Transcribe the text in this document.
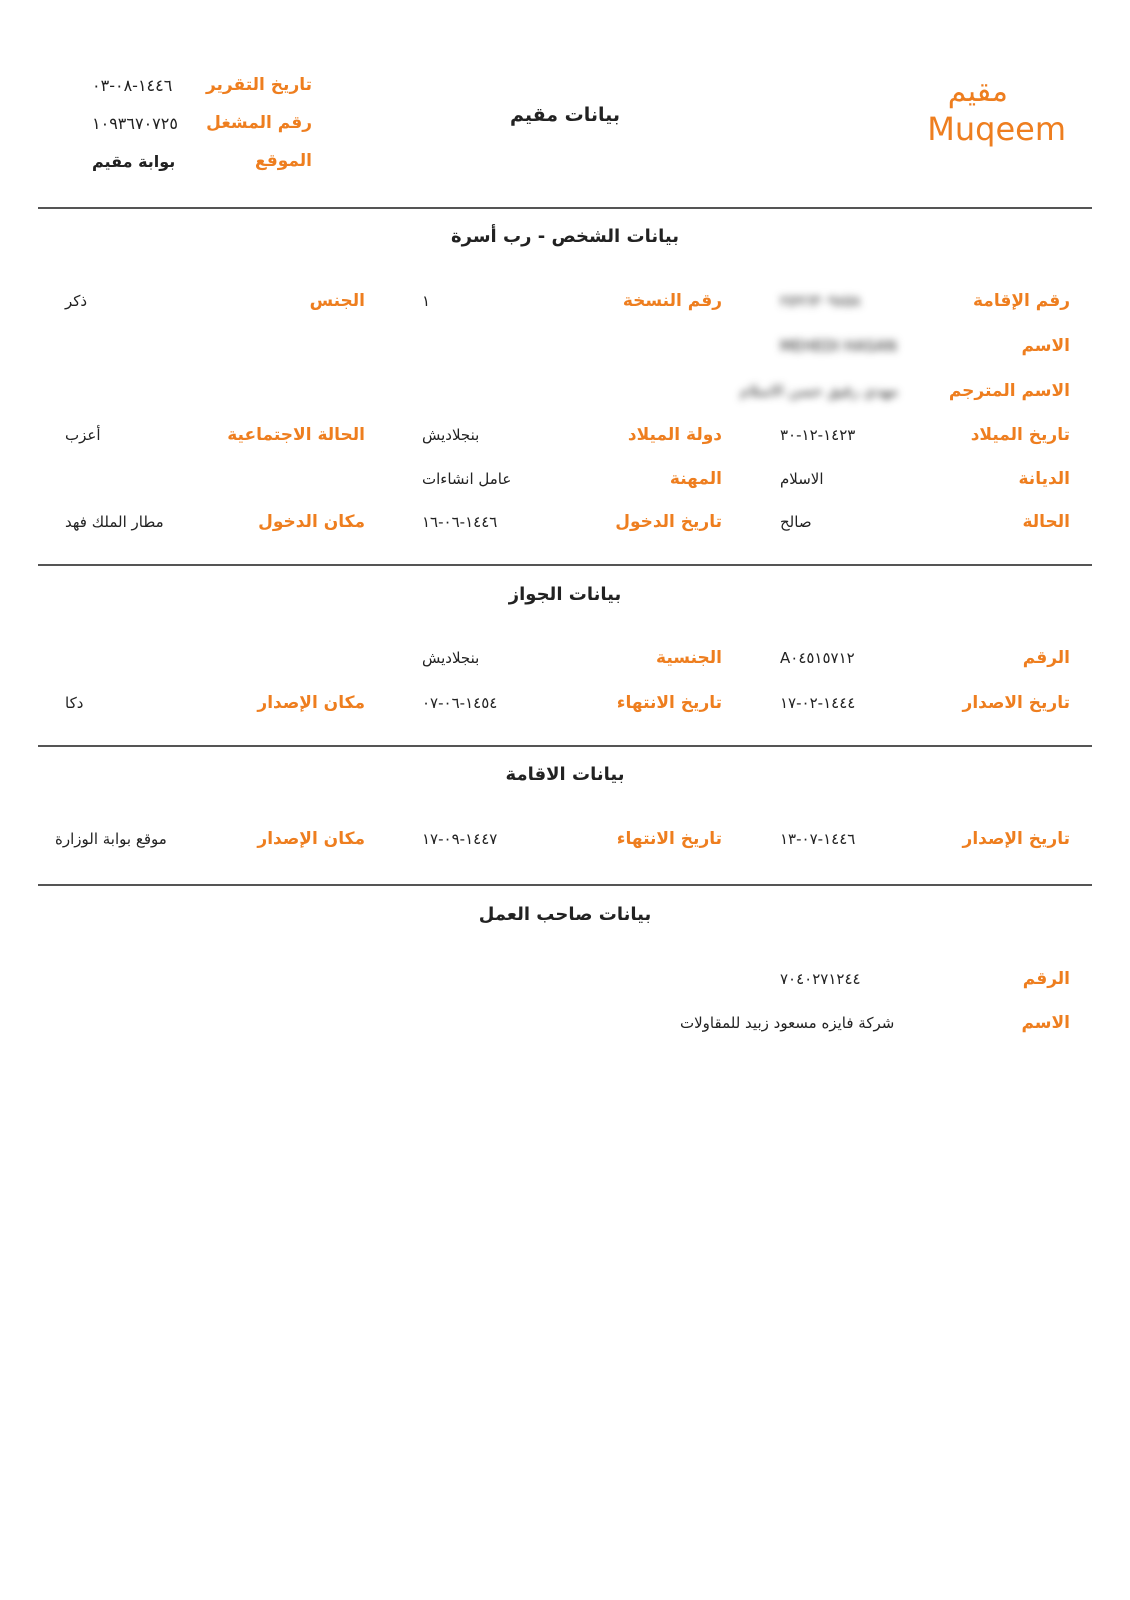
مقيم
Muqeem
بيانات مقيم
تاريخ التقرير
١٤٤٦-٠٨-٠٣
رقم المشغل
١٠٩٣٦٧٠٧٢٥
الموقع
بوابة مقيم
بيانات الشخص - رب أسرة
رقم الإقامة
٢٥٩٦٣٠٩٨٥٨
رقم النسخة
١
الجنس
ذكر
الاسم
MEHEDI HASAN
الاسم المترجم
مهدي رفيق حسن الاسلام
تاريخ الميلاد
١٤٢٣-١٢-٣٠
دولة الميلاد
بنجلاديش
الحالة الاجتماعية
أعزب
الديانة
الاسلام
المهنة
عامل انشاءات
الحالة
صالح
تاريخ الدخول
١٤٤٦-٠٦-١٦
مكان الدخول
مطار الملك فهد
بيانات الجواز
الرقم
A٠٤٥١٥٧١٢
الجنسية
بنجلاديش
تاريخ الاصدار
١٤٤٤-٠٢-١٧
تاريخ الانتهاء
١٤٥٤-٠٦-٠٧
مكان الإصدار
دكا
بيانات الاقامة
تاريخ الإصدار
١٤٤٦-٠٧-١٣
تاريخ الانتهاء
١٤٤٧-٠٩-١٧
مكان الإصدار
موقع بوابة الوزارة
بيانات صاحب العمل
الرقم
٧٠٤٠٢٧١٢٤٤
الاسم
شركة فايزه مسعود زبيد للمقاولات
